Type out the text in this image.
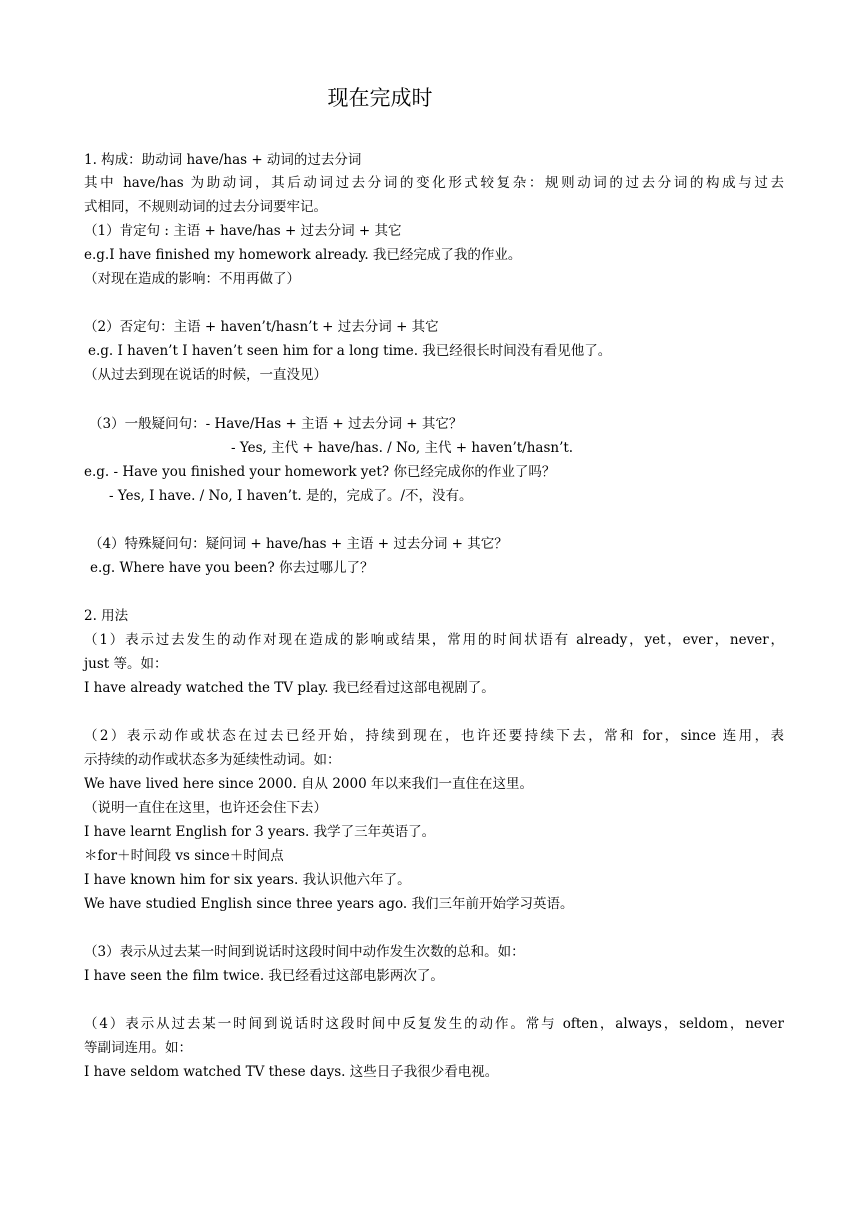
现在完成时
1. 构成：助动词 have/has + 动词的过去分词
其中 have/has 为助动词，其后动词过去分词的变化形式较复杂：规则动词的过去分词的构成与过去
式相同，不规则动词的过去分词要牢记。
（1）肯定句 : 主语 + have/has + 过去分词 + 其它
e.g.I have finished my homework already. 我已经完成了我的作业。
（对现在造成的影响：不用再做了）
（2）否定句：主语 + haven’t/hasn’t + 过去分词 + 其它
e.g. I haven’t I haven’t seen him for a long time. 我已经很长时间没有看见他了。
（从过去到现在说话的时候，一直没见）
（3）一般疑问句：- Have/Has + 主语 + 过去分词 + 其它？
- Yes, 主代 + have/has. / No, 主代 + haven’t/hasn’t.
e.g. - Have you finished your homework yet? 你已经完成你的作业了吗？
- Yes, I have. / No, I haven’t. 是的，完成了。/不，没有。
（4）特殊疑问句：疑问词 + have/has + 主语 + 过去分词 + 其它？
e.g. Where have you been? 你去过哪儿了？
2. 用法
（1）表示过去发生的动作对现在造成的影响或结果，常用的时间状语有 already，yet，ever，never，
just 等。如：
I have already watched the TV play. 我已经看过这部电视剧了。
（2）表示动作或状态在过去已经开始，持续到现在，也许还要持续下去，常和 for，since 连用，表
示持续的动作或状态多为延续性动词。如：
We have lived here since 2000. 自从 2000 年以来我们一直住在这里。
（说明一直住在这里，也许还会住下去）
I have learnt English for 3 years. 我学了三年英语了。
＊for＋时间段 vs since＋时间点
I have known him for six years. 我认识他六年了。
We have studied English since three years ago. 我们三年前开始学习英语。
（3）表示从过去某一时间到说话时这段时间中动作发生次数的总和。如：
I have seen the film twice. 我已经看过这部电影两次了。
（4）表示从过去某一时间到说话时这段时间中反复发生的动作。常与 often，always，seldom，never
等副词连用。如：
I have seldom watched TV these days. 这些日子我很少看电视。
